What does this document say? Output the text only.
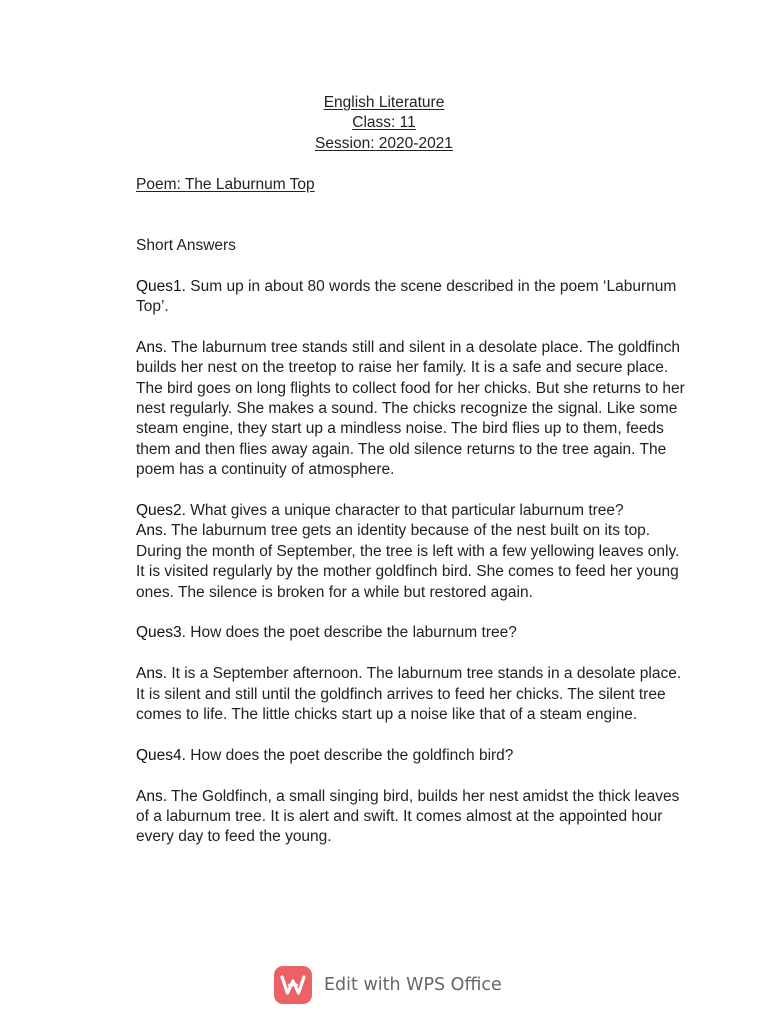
English Literature
Class: 11
Session: 2020-2021
Poem: The Laburnum Top
Short Answers

Ques1. Sum up in about 80 words the scene described in the poem ‘Laburnum Top’.

Ans. The laburnum tree stands still and silent in a desolate place. The goldfinch builds her nest on the treetop to raise her family. It is a safe and secure place. The bird goes on long flights to collect food for her chicks. But she returns to her nest regularly. She makes a sound. The chicks recognize the signal. Like some steam engine, they start up a mindless noise. The bird flies up to them, feeds them and then flies away again. The old silence returns to the tree again. The poem has a continuity of atmosphere.

Ques2. What gives a unique character to that particular laburnum tree?

Ans. The laburnum tree gets an identity because of the nest built on its top. During the month of September, the tree is left with a few yellowing leaves only. It is visited regularly by the mother goldfinch bird. She comes to feed her young ones. The silence is broken for a while but restored again.

Ques3. How does the poet describe the laburnum tree?

Ans. It is a September afternoon. The laburnum tree stands in a desolate place. It is silent and still until the goldfinch arrives to feed her chicks. The silent tree comes to life. The little chicks start up a noise like that of a steam engine.

Ques4. How does the poet describe the goldfinch bird?

Ans. The Goldfinch, a small singing bird, builds her nest amidst the thick leaves of a laburnum tree. It is alert and swift. It comes almost at the appointed hour every day to feed the young.

Edit with WPS Office
